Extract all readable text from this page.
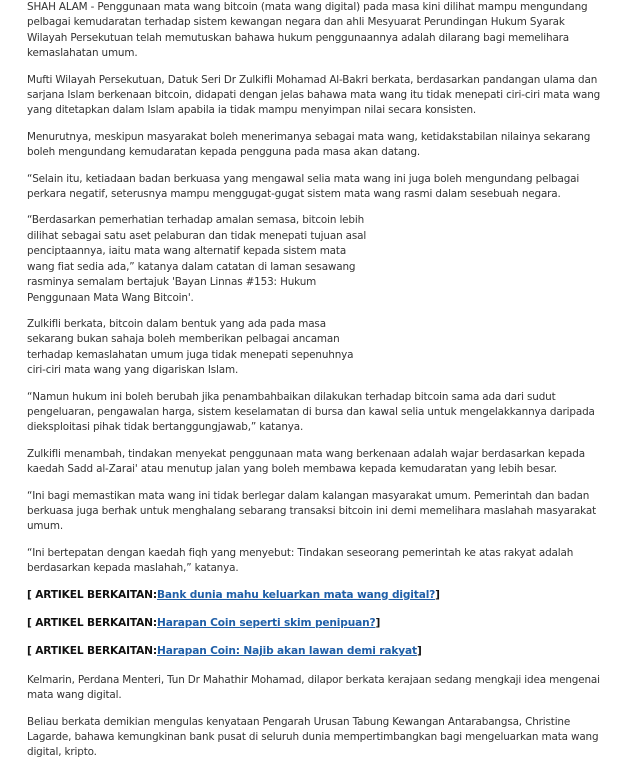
SHAH ALAM - Penggunaan mata wang bitcoin (mata wang digital) pada masa kini dilihat mampu mengundang pelbagai kemudaratan terhadap sistem kewangan negara dan ahli Mesyuarat Perundingan Hukum Syarak Wilayah Persekutuan telah memutuskan bahawa hukum penggunaannya adalah dilarang bagi memelihara kemaslahatan umum.

Mufti Wilayah Persekutuan, Datuk Seri Dr Zulkifli Mohamad Al-Bakri berkata, berdasarkan pandangan ulama dan sarjana Islam berkenaan bitcoin, didapati dengan jelas bahawa mata wang itu tidak menepati ciri-ciri mata wang yang ditetapkan dalam Islam apabila ia tidak mampu menyimpan nilai secara konsisten.

Menurutnya, meskipun masyarakat boleh menerimanya sebagai mata wang, ketidakstabilan nilainya sekarang boleh mengundang kemudaratan kepada pengguna pada masa akan datang.

“Selain itu, ketiadaan badan berkuasa yang mengawal selia mata wang ini juga boleh mengundang pelbagai perkara negatif, seterusnya mampu menggugat-gugat sistem mata wang rasmi dalam sesebuah negara.

“Berdasarkan pemerhatian terhadap amalan semasa, bitcoin lebih dilihat sebagai satu aset pelaburan dan tidak menepati tujuan asal penciptaannya, iaitu mata wang alternatif kepada sistem mata wang fiat sedia ada,” katanya dalam catatan di laman sesawang rasminya semalam bertajuk 'Bayan Linnas #153: Hukum Penggunaan Mata Wang Bitcoin'.

Zulkifli berkata, bitcoin dalam bentuk yang ada pada masa sekarang bukan sahaja boleh memberikan pelbagai ancaman terhadap kemaslahatan umum juga tidak menepati sepenuhnya ciri-ciri mata wang yang digariskan Islam.

“Namun hukum ini boleh berubah jika penambahbaikan dilakukan terhadap bitcoin sama ada dari sudut pengeluaran, pengawalan harga, sistem keselamatan di bursa dan kawal selia untuk mengelakkannya daripada dieksploitasi pihak tidak bertanggungjawab,” katanya.

Zulkifli menambah, tindakan menyekat penggunaan mata wang berkenaan adalah wajar berdasarkan kepada kaedah Sadd al-Zarai' atau menutup jalan yang boleh membawa kepada kemudaratan yang lebih besar.

“Ini bagi memastikan mata wang ini tidak berlegar dalam kalangan masyarakat umum. Pemerintah dan badan berkuasa juga berhak untuk menghalang sebarang transaksi bitcoin ini demi memelihara maslahah masyarakat umum.

“Ini bertepatan dengan kaedah fiqh yang menyebut: Tindakan seseorang pemerintah ke atas rakyat adalah berdasarkan kepada maslahah,” katanya.

[ ARTIKEL BERKAITAN:Bank dunia mahu keluarkan mata wang digital?]

[ ARTIKEL BERKAITAN:Harapan Coin seperti skim penipuan?]

[ ARTIKEL BERKAITAN:Harapan Coin: Najib akan lawan demi rakyat]

Kelmarin, Perdana Menteri, Tun Dr Mahathir Mohamad, dilapor berkata kerajaan sedang mengkaji idea mengenai mata wang digital.

Beliau berkata demikian mengulas kenyataan Pengarah Urusan Tabung Kewangan Antarabangsa, Christine Lagarde, bahawa kemungkinan bank pusat di seluruh dunia mempertimbangkan bagi mengeluarkan mata wang digital, kripto.
